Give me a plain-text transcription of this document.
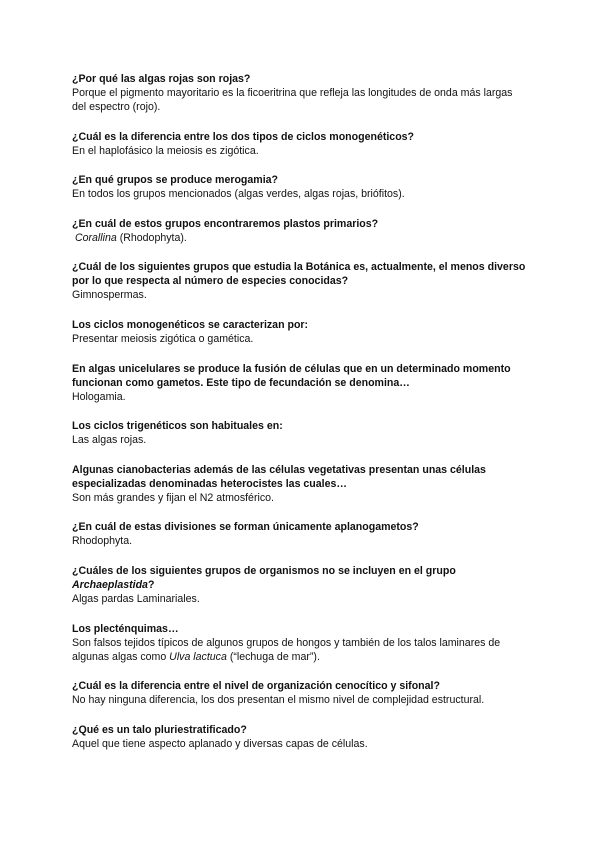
¿Por qué las algas rojas son rojas?

Porque el pigmento mayoritario es la ficoeritrina que refleja las longitudes de onda más largas del espectro (rojo).

¿Cuál es la diferencia entre los dos tipos de ciclos monogenéticos?

En el haplofásico la meiosis es zigótica.

¿En qué grupos se produce merogamia?

En todos los grupos mencionados (algas verdes, algas rojas, briófitos).

¿En cuál de estos grupos encontraremos plastos primarios?

Corallina (Rhodophyta).

¿Cuál de los siguientes grupos que estudia la Botánica es, actualmente, el menos diverso por lo que respecta al número de especies conocidas?

Gimnospermas.

Los ciclos monogenéticos se caracterizan por:

Presentar meiosis zigótica o gamética.

En algas unicelulares se produce la fusión de células que en un determinado momento funcionan como gametos. Este tipo de fecundación se denomina…

Hologamia.

Los ciclos trigenéticos son habituales en:

Las algas rojas.

Algunas cianobacterias además de las células vegetativas presentan unas células especializadas denominadas heterocistes las cuales…

Son más grandes y fijan el N2 atmosférico.

¿En cuál de estas divisiones se forman únicamente aplanogametos?

Rhodophyta.

¿Cuáles de los siguientes grupos de organismos no se incluyen en el grupo
Archaeplastida?

Algas pardas Laminariales.

Los plecténquimas…

Son falsos tejidos típicos de algunos grupos de hongos y también de los talos laminares de algunas algas como Ulva lactuca (“lechuga de mar”).

¿Cuál es la diferencia entre el nivel de organización cenocítico y sifonal?

No hay ninguna diferencia, los dos presentan el mismo nivel de complejidad estructural.

¿Qué es un talo pluriestratificado?

Aquel que tiene aspecto aplanado y diversas capas de células.
